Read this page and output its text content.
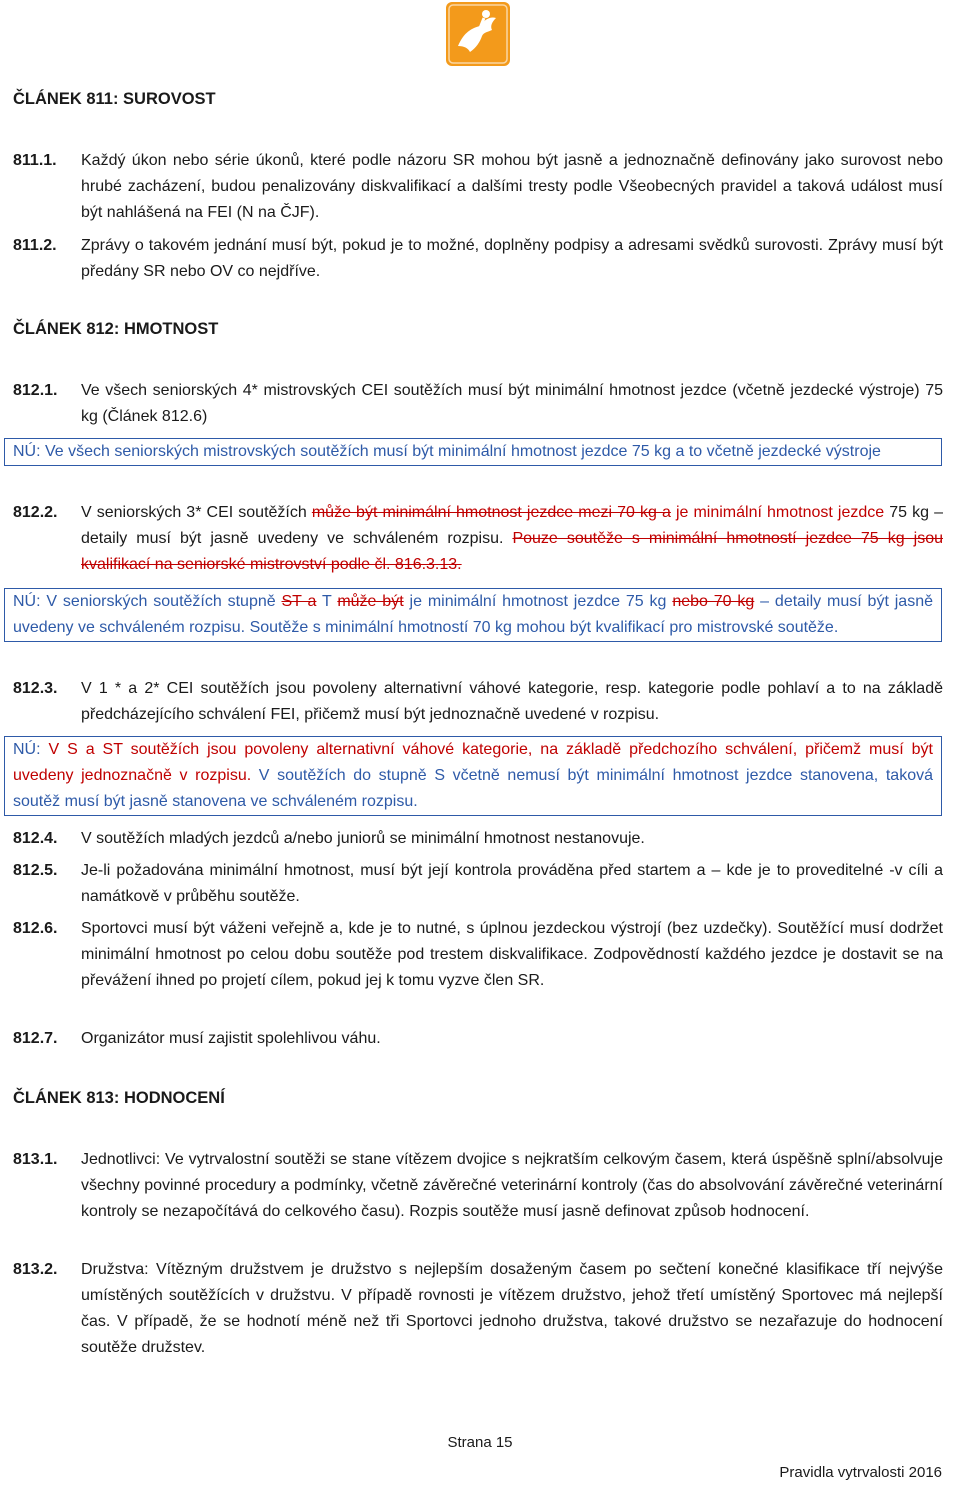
ČLÁNEK 811: SUROVOST
811.1. Každý úkon nebo série úkonů, které podle názoru SR mohou být jasně a jednoznačně definovány jako surovost nebo hrubé zacházení, budou penalizovány diskvalifikací a dalšími tresty podle Všeobecných pravidel a taková událost musí být nahlášená na FEI (N na ČJF).
811.2. Zprávy o takovém jednání musí být, pokud je to možné, doplněny podpisy a adresami svědků surovosti. Zprávy musí být předány SR nebo OV co nejdříve.
ČLÁNEK 812: HMOTNOST
812.1. Ve všech seniorských 4* mistrovských CEI soutěžích musí být minimální hmotnost jezdce (včetně jezdecké výstroje) 75 kg (Článek 812.6)
NÚ: Ve všech seniorských mistrovských soutěžích musí být minimální hmotnost jezdce 75 kg a to včetně jezdecké výstroje
812.2. V seniorských 3* CEI soutěžích může být minimální hmotnost jezdce mezi 70 kg a je minimální hmotnost jezdce 75 kg – detaily musí být jasně uvedeny ve schváleném rozpisu. Pouze soutěže s minimální hmotností jezdce 75 kg jsou kvalifikací na seniorské mistrovství podle čl. 816.3.13.
NÚ: V seniorských soutěžích stupně ST a T může být je minimální hmotnost jezdce 75 kg nebo 70 kg – detaily musí být jasně uvedeny ve schváleném rozpisu. Soutěže s minimální hmotností 70 kg mohou být kvalifikací pro mistrovské soutěže.
812.3. V 1 * a 2* CEI soutěžích jsou povoleny alternativní váhové kategorie, resp. kategorie podle pohlaví a to na základě předcházejícího schválení FEI, přičemž musí být jednoznačně uvedené v rozpisu.
NÚ: V S a ST soutěžích jsou povoleny alternativní váhové kategorie, na základě předchozího schválení, přičemž musí být uvedeny jednoznačně v rozpisu. V soutěžích do stupně S včetně nemusí být minimální hmotnost jezdce stanovena, taková soutěž musí být jasně stanovena ve schváleném rozpisu.
812.4. V soutěžích mladých jezdců a/nebo juniorů se minimální hmotnost nestanovuje.
812.5. Je-li požadována minimální hmotnost, musí být její kontrola prováděna před startem a – kde je to proveditelné -v cíli a namátkově v průběhu soutěže.
812.6. Sportovci musí být váženi veřejně a, kde je to nutné, s úplnou jezdeckou výstrojí (bez uzdečky). Soutěžící musí dodržet minimální hmotnost po celou dobu soutěže pod trestem diskvalifikace. Zodpovědností každého jezdce je dostavit se na převážení ihned po projetí cílem, pokud jej k tomu vyzve člen SR.
812.7. Organizátor musí zajistit spolehlivou váhu.
ČLÁNEK 813: HODNOCENÍ
813.1. Jednotlivci: Ve vytrvalostní soutěži se stane vítězem dvojice s nejkratším celkovým časem, která úspěšně splní/absolvuje všechny povinné procedury a podmínky, včetně závěrečné veterinární kontroly (čas do absolvování závěrečné veterinární kontroly se nezapočítává do celkového času). Rozpis soutěže musí jasně definovat způsob hodnocení.
813.2. Družstva: Vítězným družstvem je družstvo s nejlepším dosaženým časem po sečtení konečné klasifikace tří nejvýše umístěných soutěžících v družstvu. V případě rovnosti je vítězem družstvo, jehož třetí umístěný Sportovec má nejlepší čas. V případě, že se hodnotí méně než tři Sportovci jednoho družstva, takové družstvo se nezařazuje do hodnocení soutěže družstev.
Strana 15
Pravidla vytrvalosti 2016
